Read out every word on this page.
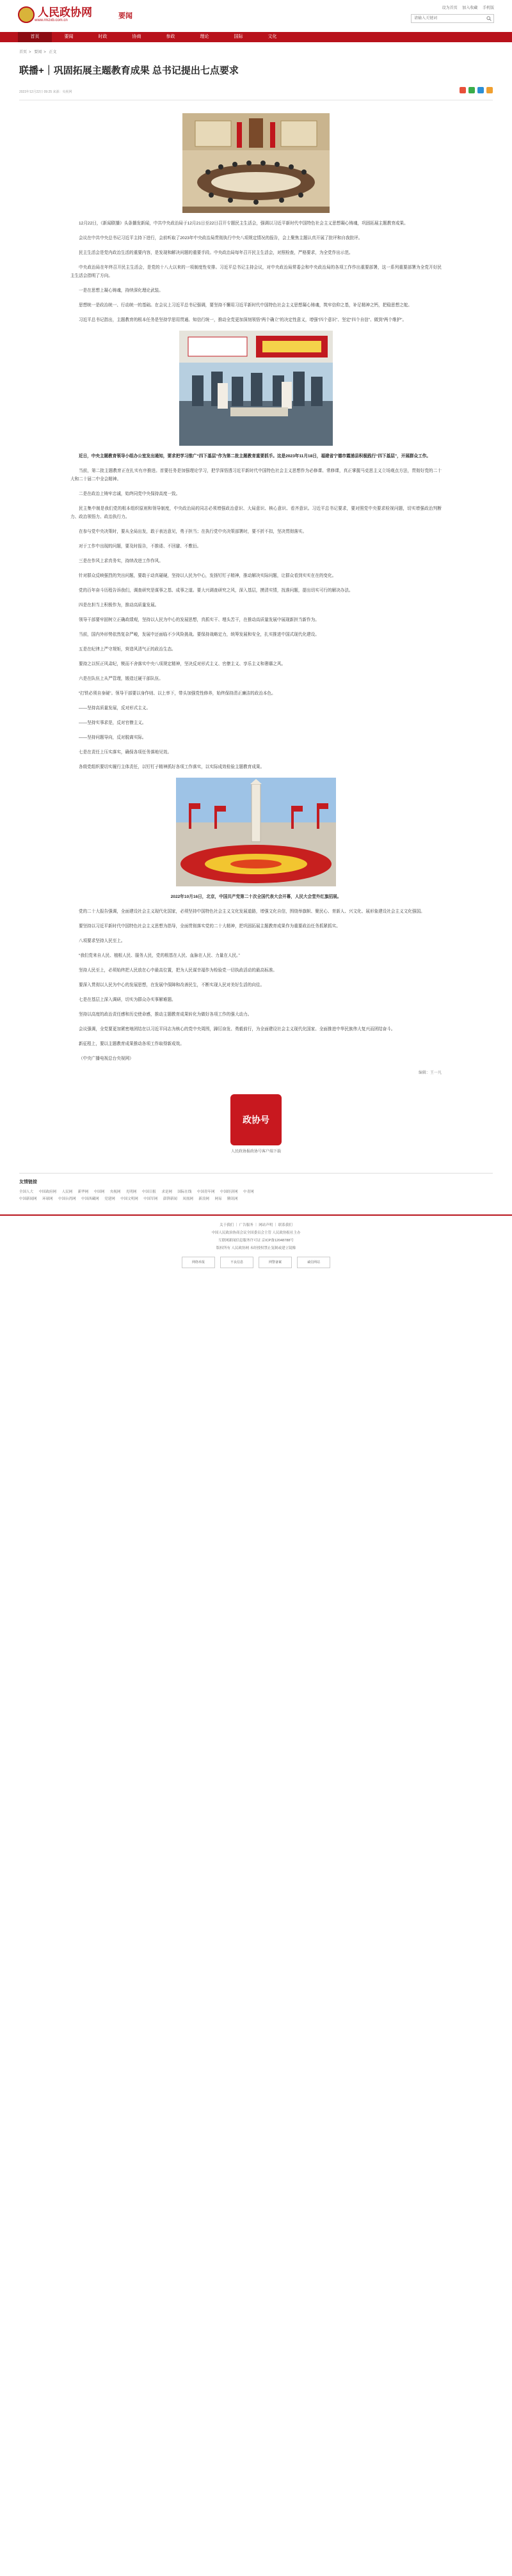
人民政协网
www.rmzxb.com.cn
要闻
设为首页 加入收藏 手机版
请输入关键词
首页	要闻	时政	协商	参政	理论	国际	文化
首页 > 要闻 > 正文
联播+｜巩固拓展主题教育成果 总书记提出七点要求
2023年12月22日 09:25 来源：央视网

12月22日，《新闻联播》头条播发新闻，中共中央政治局于12月21日至22日召开专题民主生活会，强调以习近平新时代中国特色社会主义思想凝心铸魂，巩固拓展主题教育成果。

会议在中共中央总书记习近平主持下进行，会前听取了2023年中央政治局贯彻执行中央八项规定情况的报告，会上聚焦主题认真开展了批评和自我批评。

民主生活会是党内政治生活的重要内容，是发现和解决问题的重要手段。中央政治局每年召开民主生活会，对照检查，严格要求，为全党作出示范。

中央政治局在年终召开民主生活会，是党的十八大以来的一项制度性安排。习近平总书记主持会议，对中央政治局常委会和中央政治局的各项工作作出重要部署，这一系列重要部署为全党开好民主生活会指明了方向。

一是在思想上凝心铸魂，持续深化理论武装。

思想统一是政治统一、行动统一的基础。在会议上习近平总书记强调，要坚持不懈用习近平新时代中国特色社会主义思想凝心铸魂，筑牢信仰之基，补足精神之钙，把稳思想之舵。

习近平总书记指出，主题教育的根本任务是坚持学思用贯通、知信行统一，推动全党更加深刻领悟“两个确立”的决定性意义，增强“四个意识”、坚定“四个自信”、做到“两个维护”。

近日，中央主题教育领导小组办公室发出通知，要求把学习推广“四下基层”作为第二批主题教育重要抓手。这是2023年11月18日，福建省宁德市霞浦县积极践行“四下基层”，开展群众工作。

当前，第二批主题教育正在扎实有序推进。首要任务是加强理论学习，把学深悟透习近平新时代中国特色社会主义思想作为必修课、常修课，真正掌握马克思主义立场观点方法，贯彻好党的二十大和二十届二中全会精神。

二是在政治上铸牢忠诚，始终同党中央保持高度一致。

民主集中制是我们党的根本组织原则和领导制度，中央政治局的同志必须增强政治意识、大局意识、核心意识、看齐意识。习近平总书记要求，要对照党中央要求检视问题，切实增强政治判断力、政治领悟力、政治执行力。

在参与党中央决策时，要从全局出发，敢于表达意见，勇于担当；在执行党中央决策部署时，要不折不扣，坚决贯彻落实。

对于工作中出现的问题，要及时报告，不推诿、不回避、不敷衍。

三是在作风上求真务实，持续改进工作作风。

针对群众反映强烈的突出问题，要敢于动真碰硬，坚持以人民为中心，发扬钉钉子精神，推动解决实际问题，让群众看到实实在在的变化。

党的百年奋斗历程告诉我们，调查研究是谋事之基、成事之道。要大兴调查研究之风，深入基层，摸清实情，找准问题，提出切实可行的解决办法。

四是在担当上积极作为，推动高质量发展。

领导干部要牢固树立正确政绩观，坚持以人民为中心的发展思想，真抓实干、埋头苦干，在推动高质量发展中展现新担当新作为。

当前，国内外形势依然复杂严峻，发展中还面临不少风险挑战。要保持战略定力，统筹发展和安全，扎实推进中国式现代化建设。

五是在纪律上严守规矩，营造风清气正的政治生态。

要持之以恒正风肃纪，锲而不舍落实中央八项规定精神，坚决反对形式主义、官僚主义、享乐主义和奢靡之风。

六是在队伍上从严管理，锻造过硬干部队伍。

“打铁必须自身硬”。领导干部要以身作则、以上率下，带头加强党性修养，始终保持清正廉洁的政治本色。

——坚持高质量发展，反对形式主义。

——坚持实事求是，反对官僚主义。

——坚持问题导向，反对脱离实际。

七是在责任上压实落实，确保各项任务落地见效。

各级党组织要切实履行主体责任，以钉钉子精神抓好各项工作落实，以实际成效检验主题教育成果。

2022年10月16日，北京，中国共产党第二十次全国代表大会开幕，人民大会堂外红旗招展。

党的二十大报告强调，全面建设社会主义现代化国家，必须坚持中国特色社会主义文化发展道路，增强文化自信，围绕举旗帜、聚民心、育新人、兴文化、展形象建设社会主义文化强国。

要坚持以习近平新时代中国特色社会主义思想为指导，全面贯彻落实党的二十大精神，把巩固拓展主题教育成果作为重要政治任务抓紧抓实。

八项要求坚持人民至上。

“我们党来自人民、植根人民、服务人民，党的根基在人民、血脉在人民、力量在人民。”

坚持人民至上，必须始终把人民放在心中最高位置，把为人民谋幸福作为检验党一切执政活动的最高标准。

要深入贯彻以人民为中心的发展思想，在发展中保障和改善民生，不断实现人民对美好生活的向往。

七是在基层上深入调研，切实为群众办实事解难题。

坚持以高度的政治责任感和历史使命感，推动主题教育成果转化为做好各项工作的强大动力。

会议强调，全党要更加紧密地团结在以习近平同志为核心的党中央周围，踔厉奋发、勇毅前行，为全面建设社会主义现代化国家、全面推进中华民族伟大复兴而团结奋斗。

新征程上，要以主题教育成果推动各项工作取得新成效。

（中央广播电视总台央视网）

编辑：王一凡
政协号
人民政协报政协号客户端下载
友情链接
全国人大 中国政府网 人民网 新华网 中国网 央视网 光明网 中国日报 求是网 国际在线 中国青年网 中国经济网 中青网
中国新闻网 环球网 中国台湾网 中国西藏网 党建网 中国文明网 中国军网 澎湃新闻 凤凰网 新浪网 网易 腾讯网
关于我们 ｜ 广告服务 ｜ 网站声明 ｜ 联系我们
中国人民政治协商会议全国委员会主管 人民政协报社主办
互联网新闻信息服务许可证 京ICP备12048788号
版权所有 人民政协网 未经授权禁止复制或建立镜像
网络举报	不良信息	网警备案	诚信网站
